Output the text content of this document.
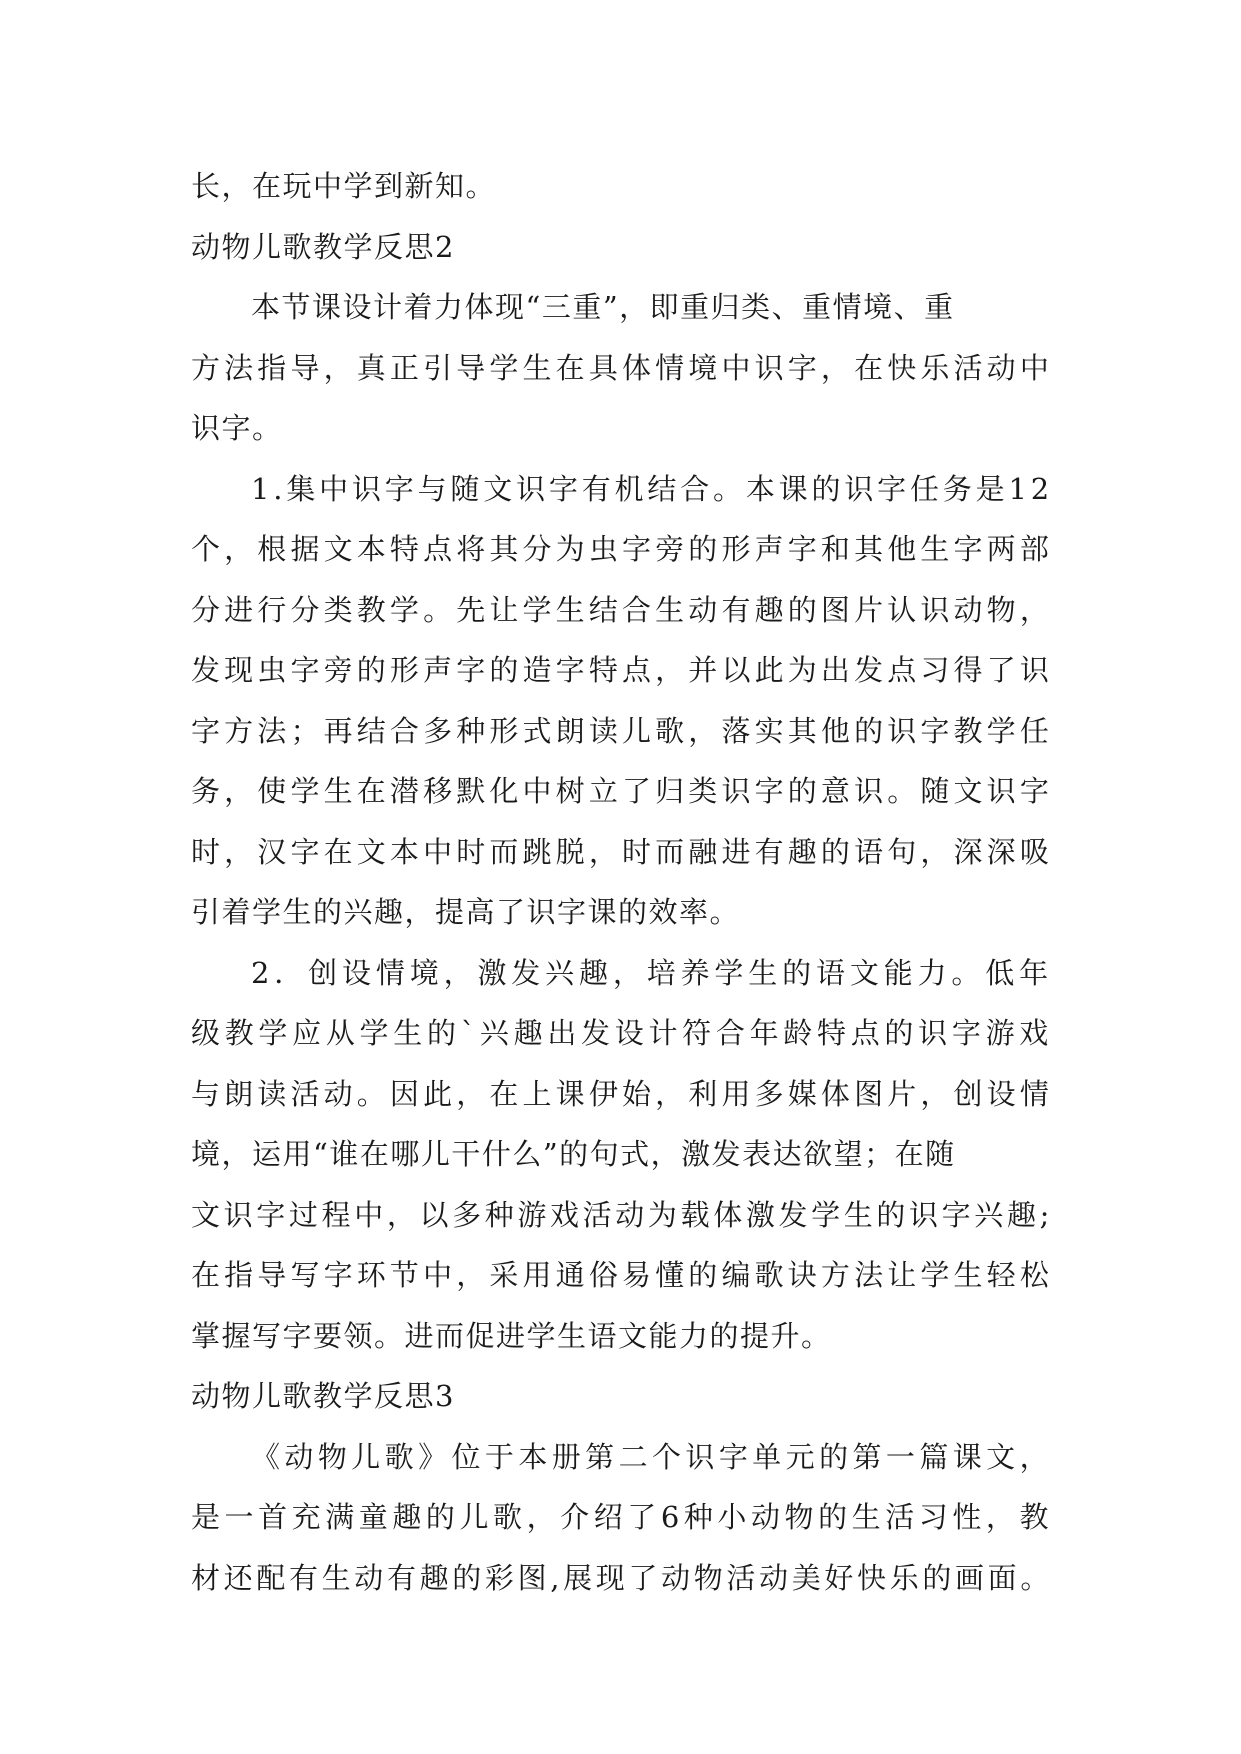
长，在玩中学到新知。
动物儿歌教学反思2
本节课设计着力体现“三重”，即重归类、重情境、重
方法指导，真正引导学生在具体情境中识字，在快乐活动中
识字。
1.集中识字与随文识字有机结合。本课的识字任务是12
个，根据文本特点将其分为虫字旁的形声字和其他生字两部
分进行分类教学。先让学生结合生动有趣的图片认识动物，
发现虫字旁的形声字的造字特点，并以此为出发点习得了识
字方法；再结合多种形式朗读儿歌，落实其他的识字教学任
务，使学生在潜移默化中树立了归类识字的意识。随文识字
时，汉字在文本中时而跳脱，时而融进有趣的语句，深深吸
引着学生的兴趣，提高了识字课的效率。
2．创设情境，激发兴趣，培养学生的语文能力。低年
级教学应从学生的`兴趣出发设计符合年龄特点的识字游戏
与朗读活动。因此，在上课伊始，利用多媒体图片，创设情
境，运用“谁在哪儿干什么”的句式，激发表达欲望；在随
文识字过程中，以多种游戏活动为载体激发学生的识字兴趣;
在指导写字环节中，采用通俗易懂的编歌诀方法让学生轻松
掌握写字要领。进而促进学生语文能力的提升。
动物儿歌教学反思3
《动物儿歌》位于本册第二个识字单元的第一篇课文，
是一首充满童趣的儿歌，介绍了6种小动物的生活习性，教
材还配有生动有趣的彩图,展现了动物活动美好快乐的画面。
